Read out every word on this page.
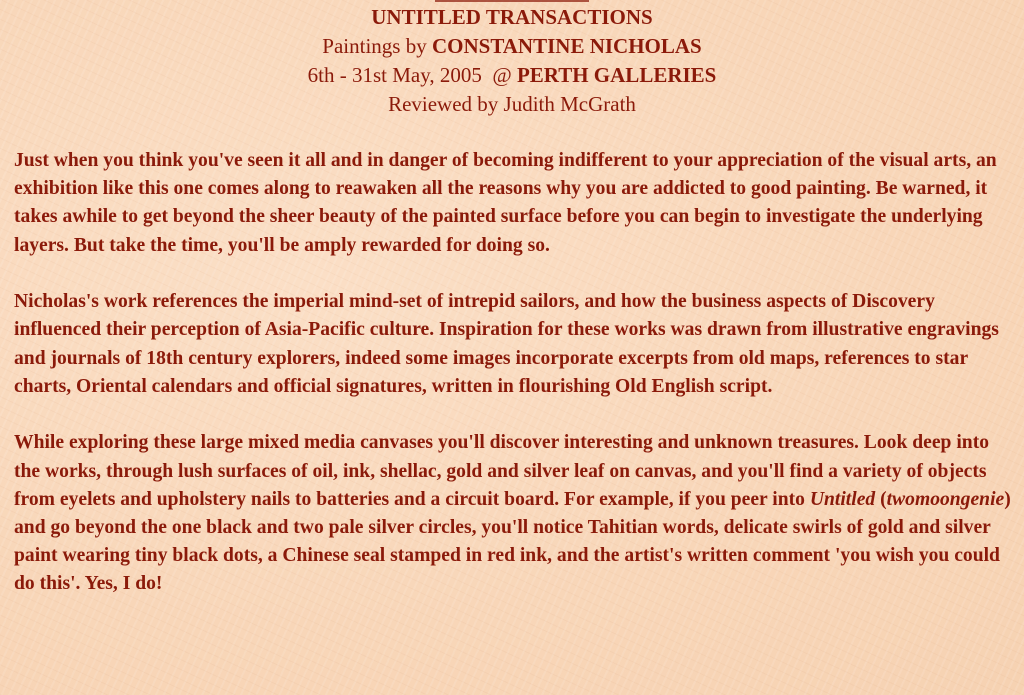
UNTITLED TRANSACTIONS
Paintings by CONSTANTINE NICHOLAS
6th - 31st May, 2005  @ PERTH GALLERIES
Reviewed by Judith McGrath

Just when you think you've seen it all and in danger of becoming indifferent to your appreciation of the visual arts, an exhibition like this one comes along to reawaken all the reasons why you are addicted to good painting. Be warned, it takes awhile to get beyond the sheer beauty of the painted surface before you can begin to investigate the underlying layers. But take the time, you'll be amply rewarded for doing so.

Nicholas's work references the imperial mind-set of intrepid sailors, and how the business aspects of Discovery influenced their perception of Asia-Pacific culture. Inspiration for these works was drawn from illustrative engravings and journals of 18th century explorers, indeed some images incorporate excerpts from old maps, references to star charts, Oriental calendars and official signatures, written in flourishing Old English script.

While exploring these large mixed media canvases you'll discover interesting and unknown treasures. Look deep into the works, through lush surfaces of oil, ink, shellac, gold and silver leaf on canvas, and you'll find a variety of objects from eyelets and upholstery nails to batteries and a circuit board. For example, if you peer into Untitled (twomoongenie) and go beyond the one black and two pale silver circles, you'll notice Tahitian words, delicate swirls of gold and silver paint wearing tiny black dots, a Chinese seal stamped in red ink, and the artist's written comment 'you wish you could do this'. Yes, I do!
